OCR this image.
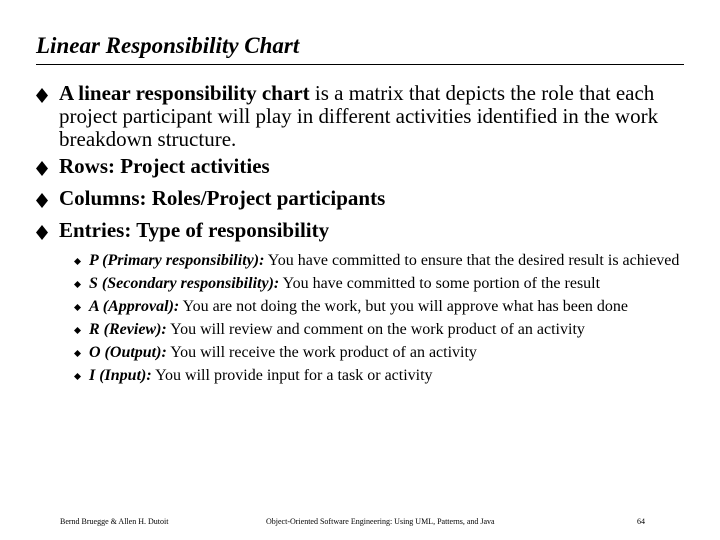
Linear Responsibility Chart
A linear responsibility chart is a matrix that depicts the role that each project participant will play in different activities identified in the work breakdown structure.
Rows: Project activities
Columns: Roles/Project participants
Entries: Type of responsibility
P (Primary responsibility): You have committed to ensure that the desired result is achieved
S (Secondary responsibility): You have committed to some portion of the result
A (Approval): You are not doing the work, but you will approve what has been done
R (Review): You will review and comment on the work product of an activity
O (Output): You will receive the work product of an activity
I (Input): You will provide input for a task or activity
Bernd Bruegge & Allen H. Dutoit	Object-Oriented Software Engineering: Using UML, Patterns, and Java	64
